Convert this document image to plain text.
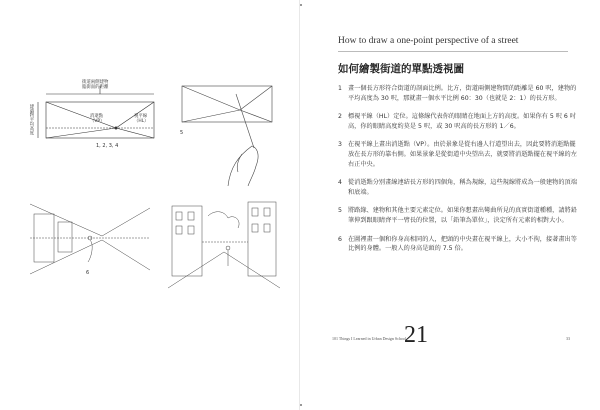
街道兩側建物
臨街面的距離
建築物平均高度	消逝點
（VP）
視平線
（HL）
1, 2, 3, 4
5
6
How to draw a one-point perspective of a street
如何繪製街道的單點透視圖
1 畫一個長方形符合街道的剖面比例。比方，街道兩側建物間的距離是 60 呎，建物的平均高度為 30 呎，那就畫一個水平比例 60：30（也就是 2：1）的長方形。
2 標視平線（HL）定位。這條線代表你的眼睛在地面上方的高度。如果你有 5 呎 6 吋高，你的眼睛高度約莫是 5 呎，或 30 呎高的長方形的 1／6。
3 在視平線上畫出消逝點（VP）。由於景象是從右邊人行道望出去，因此要將消逝點擺放在長方形的靠右側。如果景象是從街道中央望出去，就要將消逝點擺在視平線的左右正中央。
4 從消逝點分別畫線連結長方形的四個角，稱為規線，這些規線將成為一般建物的頂端和底端。
5 將路緣、建物和其他主要元素定位。如果你想畫出彎曲所見的真實街道種種，請將鉛筆伸到跟眼睛齊平一臂長的位置，以「鉛筆為單位」，決定所有元素的相對大小。
6 在圖裡畫一個和你身高相同的人，把頭的中央畫在視平線上，大小不拘，接著畫出等比例的身體。一般人的身高是頭的 7.5 倍。
101 Things I Learned in Urban Design School
21	33
